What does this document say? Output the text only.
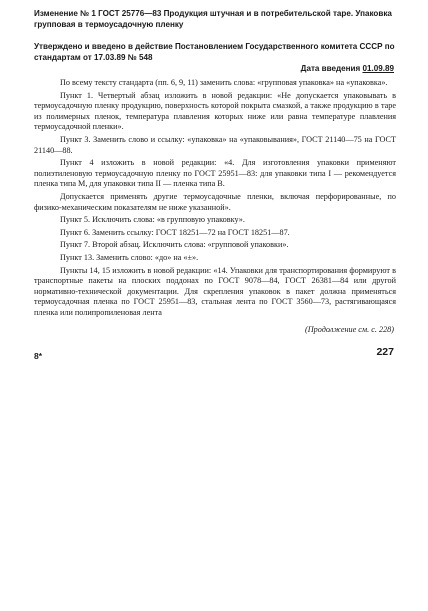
Изменение № 1 ГОСТ 25776—83 Продукция штучная и в потребительской таре. Упаковка групповая в термоусадочную пленку
Утверждено и введено в действие Постановлением Государственного комитета СССР по стандартам от 17.03.89 № 548
Дата введения 01.09.89

По всему тексту стандарта (пп. 6, 9, 11) заменить слова: «групповая упаковка» на «упаковка».

Пункт 1. Четвертый абзац изложить в новой редакции: «Не допускается упаковывать в термоусадочную пленку продукцию, поверхность которой покрыта смазкой, а также продукцию в таре из полимерных пленок, температура плавления которых ниже или равна температуре плавления термоусадочной пленки».

Пункт 3. Заменить слово и ссылку: «упаковка» на «упаковывания», ГОСТ 21140—75 на ГОСТ 21140—88.

Пункт 4 изложить в новой редакции: «4. Для изготовления упаковки применяют полиэтиленовую термоусадочную пленку по ГОСТ 25951—83: для упаковки типа I — рекомендуется пленка типа М, для упаковки типа II — пленка типа В.

Допускается применять другие термоусадочные пленки, включая перфорированные, по физико-механическим показателям не ниже указанной».

Пункт 5. Исключить слова: «в групповую упаковку».

Пункт 6. Заменить ссылку: ГОСТ 18251—72 на ГОСТ 18251—87.

Пункт 7. Второй абзац. Исключить слова: «групповой упаковки».

Пункт 13. Заменить слово: «до» на «±».

Пункты 14, 15 изложить в новой редакции: «14. Упаковки для транспортирования формируют в транспортные пакеты на плоских поддонах по ГОСТ 9078—84, ГОСТ 26381—84 или другой нормативно-технической документации. Для скрепления упаковок в пакет должна применяться термоусадочная пленка по ГОСТ 25951—83, стальная лента по ГОСТ 3560—73, растягивающаяся пленка или полипропиленовая лента

(Продолжение см. с. 228)
8*	227
